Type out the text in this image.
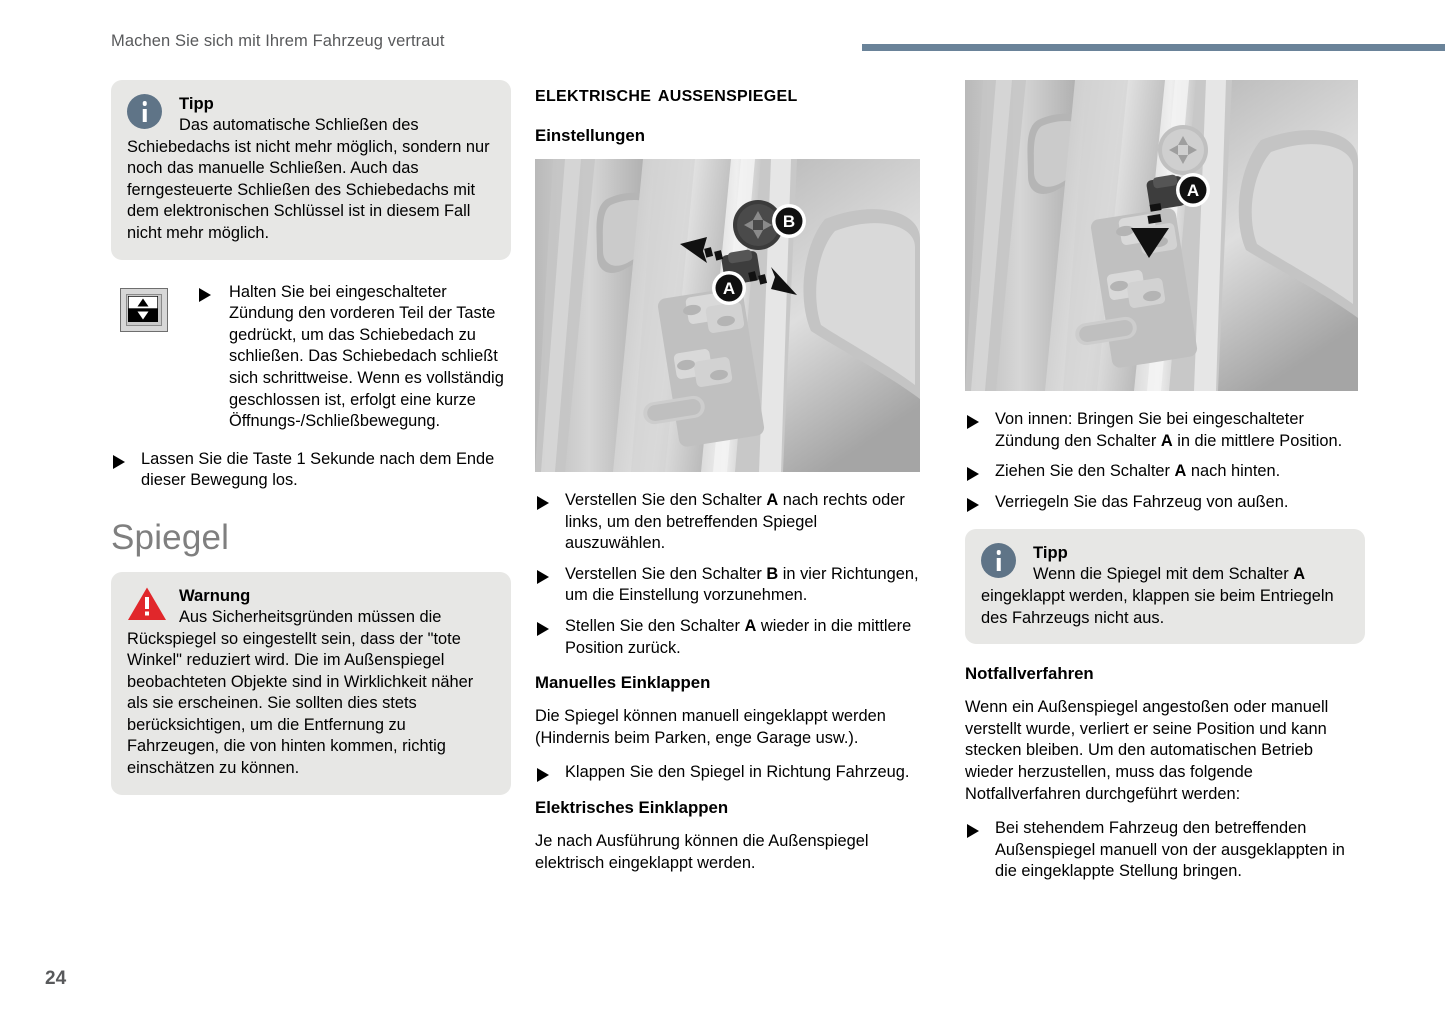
Machen Sie sich mit Ihrem Fahrzeug vertraut

Tipp
Das automatische Schließen des Schiebedachs ist nicht mehr möglich, sondern nur noch das manuelle Schließen. Auch das ferngesteuerte Schließen des Schiebedachs mit dem elektronischen Schlüssel ist in diesem Fall nicht mehr möglich.

Halten Sie bei eingeschalteter Zündung den vorderen Teil der Taste gedrückt, um das Schiebedach zu schließen. Das Schiebedach schließt sich schrittweise. Wenn es vollständig geschlossen ist, erfolgt eine kurze Öffnungs-/Schließbewegung.
Lassen Sie die Taste 1 Sekunde nach dem Ende dieser Bewegung los.
Spiegel

Warnung
Aus Sicherheitsgründen müssen die Rückspiegel so eingestellt sein, dass der "tote Winkel" reduziert wird. Die im Außenspiegel beobachteten Objekte sind in Wirklichkeit näher als sie erscheinen. Sie sollten dies stets berücksichtigen, um die Entfernung zu Fahrzeugen, die von hinten kommen, richtig einschätzen zu können.

elektrische außenspiegel
Einstellungen
B
A
Verstellen Sie den Schalter A nach rechts oder links, um den betreffenden Spiegel auszuwählen.
Verstellen Sie den Schalter B in vier Richtungen, um die Einstellung vorzunehmen.
Stellen Sie den Schalter A wieder in die mittlere Position zurück.
Manuelles Einklappen

Die Spiegel können manuell eingeklappt werden (Hindernis beim Parken, enge Garage usw.).

Klappen Sie den Spiegel in Richtung Fahrzeug.
Elektrisches Einklappen

Je nach Ausführung können die Außenspiegel elektrisch eingeklappt werden.

A
Von innen: Bringen Sie bei eingeschalteter Zündung den Schalter A in die mittlere Position.
Ziehen Sie den Schalter A nach hinten.
Verriegeln Sie das Fahrzeug von außen.

Tipp
Wenn die Spiegel mit dem Schalter A eingeklappt werden, klappen sie beim Entriegeln des Fahrzeugs nicht aus.

Notfallverfahren

Wenn ein Außenspiegel angestoßen oder manuell verstellt wurde, verliert er seine Position und kann stecken bleiben. Um den automatischen Betrieb wieder herzustellen, muss das folgende Notfallverfahren durchgeführt werden:

Bei stehendem Fahrzeug den betreffenden Außenspiegel manuell von der ausgeklappten in die eingeklappte Stellung bringen.
24
